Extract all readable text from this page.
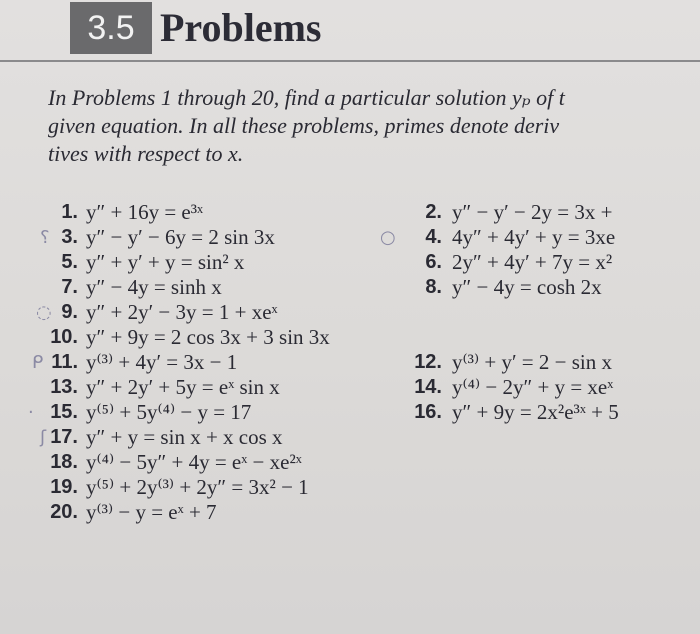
3.5 Problems
In Problems 1 through 20, find a particular solution yₚ of t
given equation. In all these problems, primes denote deriv
tives with respect to x.
1. y″ + 16y = e³ˣ	2. y″ − y′ − 2y = 3x +
⸮ 3. y″ − y′ − 6y = 2 sin 3x	○	4. 4y″ + 4y′ + y = 3xe
5. y″ + y′ + y = sin² x	6. 2y″ + 4y′ + 7y = x²
7. y″ − 4y = sinh x	8. y″ − 4y = cosh 2x
◌ 9. y″ + 2y′ − 3y = 1 + xeˣ
10. y″ + 9y = 2 cos 3x + 3 sin 3x
ᑭ 11. y⁽³⁾ + 4y′ = 3x − 1	12. y⁽³⁾ + y′ = 2 − sin x
13. y″ + 2y′ + 5y = eˣ sin x	14. y⁽⁴⁾ − 2y″ + y = xeˣ
· 15. y⁽⁵⁾ + 5y⁽⁴⁾ − y = 17	16. y″ + 9y = 2x²e³ˣ + 5
ʃ 17. y″ + y = sin x + x cos x
18. y⁽⁴⁾ − 5y″ + 4y = eˣ − xe²ˣ
19. y⁽⁵⁾ + 2y⁽³⁾ + 2y″ = 3x² − 1
20. y⁽³⁾ − y = eˣ + 7
